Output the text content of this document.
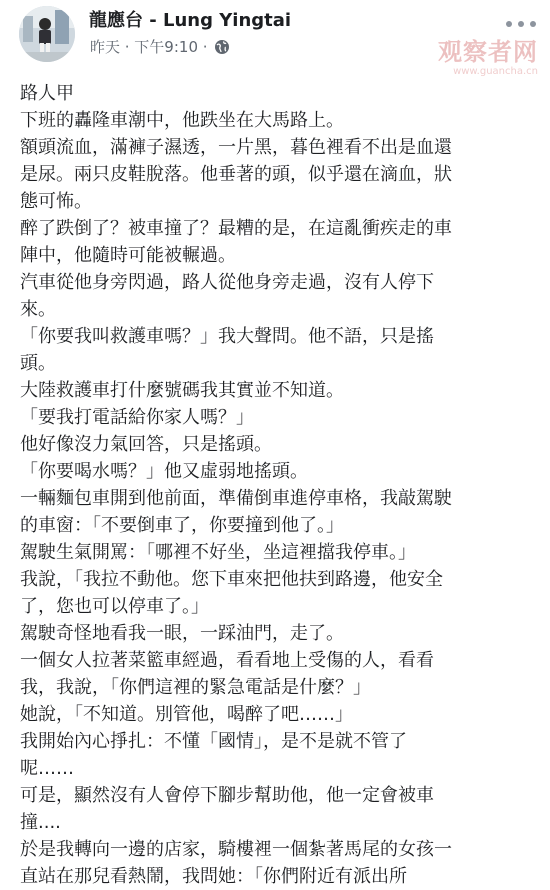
龍應台 - Lung Yingtai
昨天 · 下午9:10 ·	观察者网
www.guancha.cn

路人甲

下班的轟隆車潮中，他跌坐在大馬路上。

額頭流血，滿褲子濕透，一片黑，暮色裡看不出是血還

是尿。兩只皮鞋脫落。他垂著的頭，似乎還在滴血，狀

態可怖。

醉了跌倒了？被車撞了？最糟的是，在這亂衝疾走的車

陣中，他隨時可能被輾過。

汽車從他身旁閃過，路人從他身旁走過，沒有人停下

來。

「你要我叫救護車嗎？」我大聲問。他不語，只是搖

頭。

大陸救護車打什麼號碼我其實並不知道。

「要我打電話給你家人嗎？」

他好像沒力氣回答，只是搖頭。

「你要喝水嗎？」他又虛弱地搖頭。

一輛麵包車開到他前面，準備倒車進停車格，我敲駕駛

的車窗：「不要倒車了，你要撞到他了。」

駕駛生氣開罵：「哪裡不好坐，坐這裡擋我停車。」

我說，「我拉不動他。您下車來把他扶到路邊，他安全

了，您也可以停車了。」

駕駛奇怪地看我一眼，一踩油門，走了。

一個女人拉著菜籃車經過，看看地上受傷的人，看看

我，我說，「你們這裡的緊急電話是什麼？」

她說，「不知道。別管他，喝醉了吧……」

我開始內心掙扎：不懂「國情」，是不是就不管了

呢……

可是，顯然沒有人會停下腳步幫助他，他一定會被車

撞....

於是我轉向一邊的店家，騎樓裡一個紮著馬尾的女孩一

直站在那兒看熱鬧，我問她：「你們附近有派出所
